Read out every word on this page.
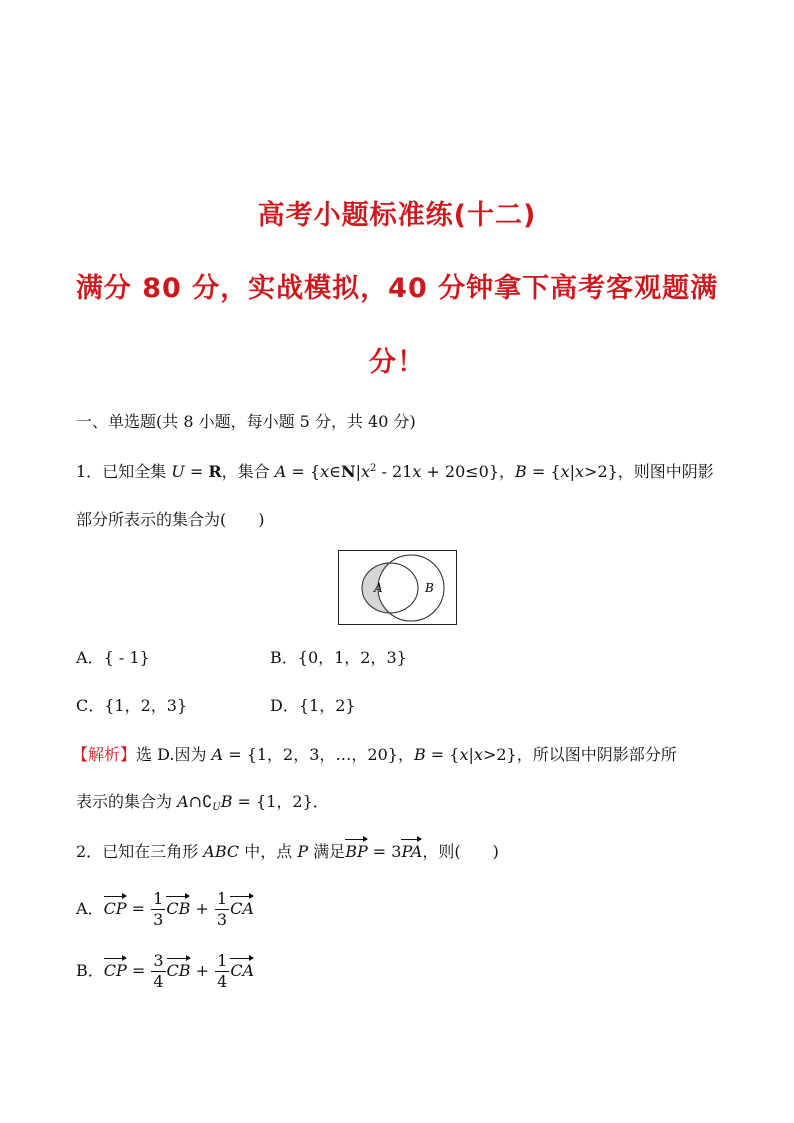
高考小题标准练(十二)
满分 80 分，实战模拟，40 分钟拿下高考客观题满
分！
一、单选题(共 8 小题，每小题 5 分，共 40 分)
1．已知全集 U = R，集合 $A = \{x\in N|x^2 - 21x + 20\le 0\}$，B = {x|x>2}，则图中阴影
部分所表示的集合为(　　)
A	B
A．{ - 1}	B．{0，1，2，3}
C．{1，2，3}	D．{1，2}
【解析】选 D.因为 A = {1，2，3，…，20}，B = {x|x>2}，所以图中阴影部分所
表示的集合为 $A\cap∁_UB = \{1$，2}．
2．已知在三角形 ABC 中，点 P 满足BP = 3PA，则(　　)
A．CP = $\frac{1}{3}$ CB + $\frac{1}{3}$ CA
B．CP = $\frac{3}{4}$ CB + $\frac{1}{4}$ CA
